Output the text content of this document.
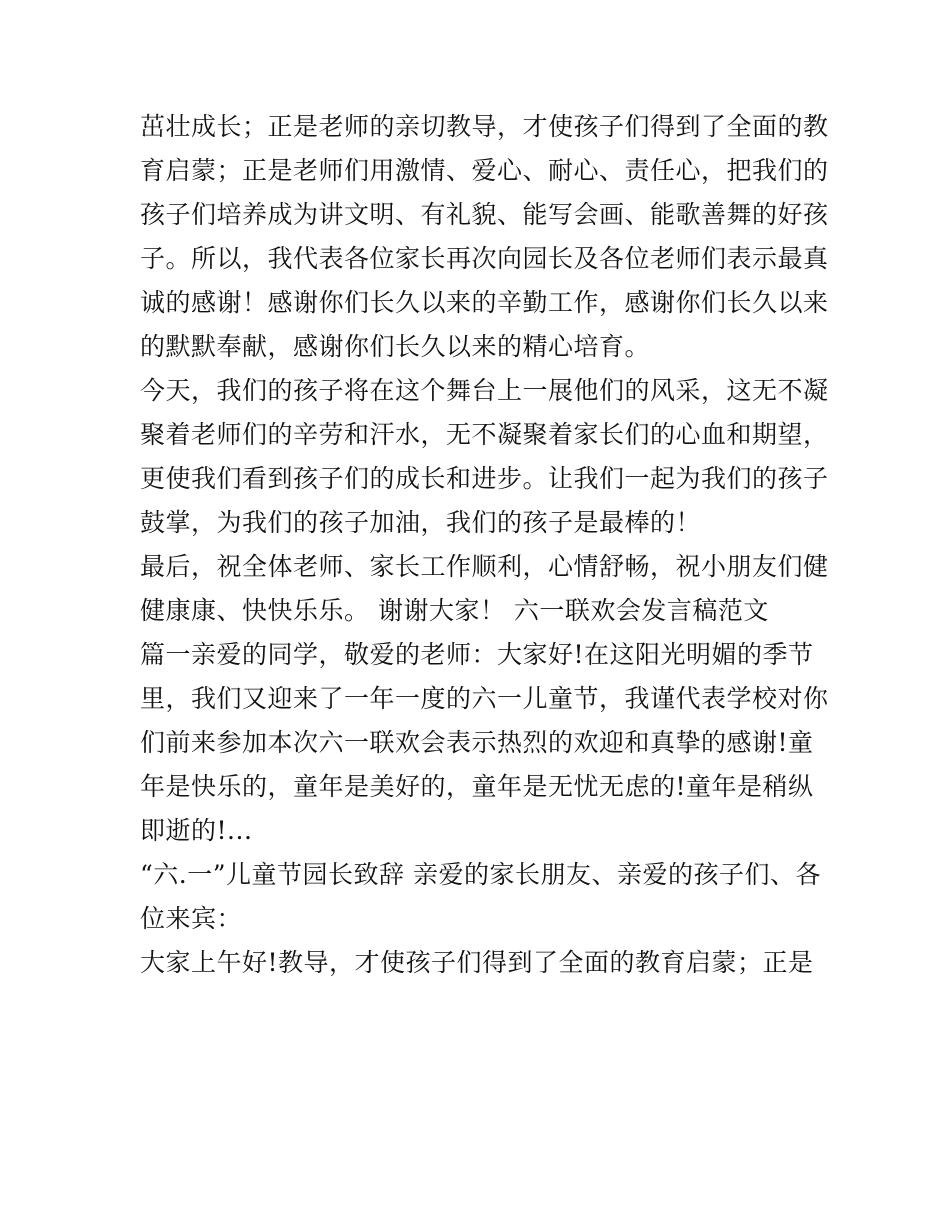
茁壮成长；正是老师的亲切教导，才使孩子们得到了全面的教
育启蒙；正是老师们用激情、爱心、耐心、责任心，把我们的
孩子们培养成为讲文明、有礼貌、能写会画、能歌善舞的好孩
子。所以，我代表各位家长再次向园长及各位老师们表示最真
诚的感谢！感谢你们长久以来的辛勤工作，感谢你们长久以来
的默默奉献，感谢你们长久以来的精心培育。
今天，我们的孩子将在这个舞台上一展他们的风采，这无不凝
聚着老师们的辛劳和汗水，无不凝聚着家长们的心血和期望，
更使我们看到孩子们的成长和进步。让我们一起为我们的孩子
鼓掌，为我们的孩子加油，我们的孩子是最棒的！
最后，祝全体老师、家长工作顺利，心情舒畅，祝小朋友们健
健康康、快快乐乐。 谢谢大家！ 六一联欢会发言稿范文
篇一亲爱的同学，敬爱的老师：大家好!在这阳光明媚的季节
里，我们又迎来了一年一度的六一儿童节，我谨代表学校对你
们前来参加本次六一联欢会表示热烈的欢迎和真挚的感谢!童
年是快乐的，童年是美好的，童年是无忧无虑的!童年是稍纵
即逝的!...
“六.一”儿童节园长致辞 亲爱的家长朋友、亲爱的孩子们、各
位来宾：
大家上午好!教导，才使孩子们得到了全面的教育启蒙；正是
